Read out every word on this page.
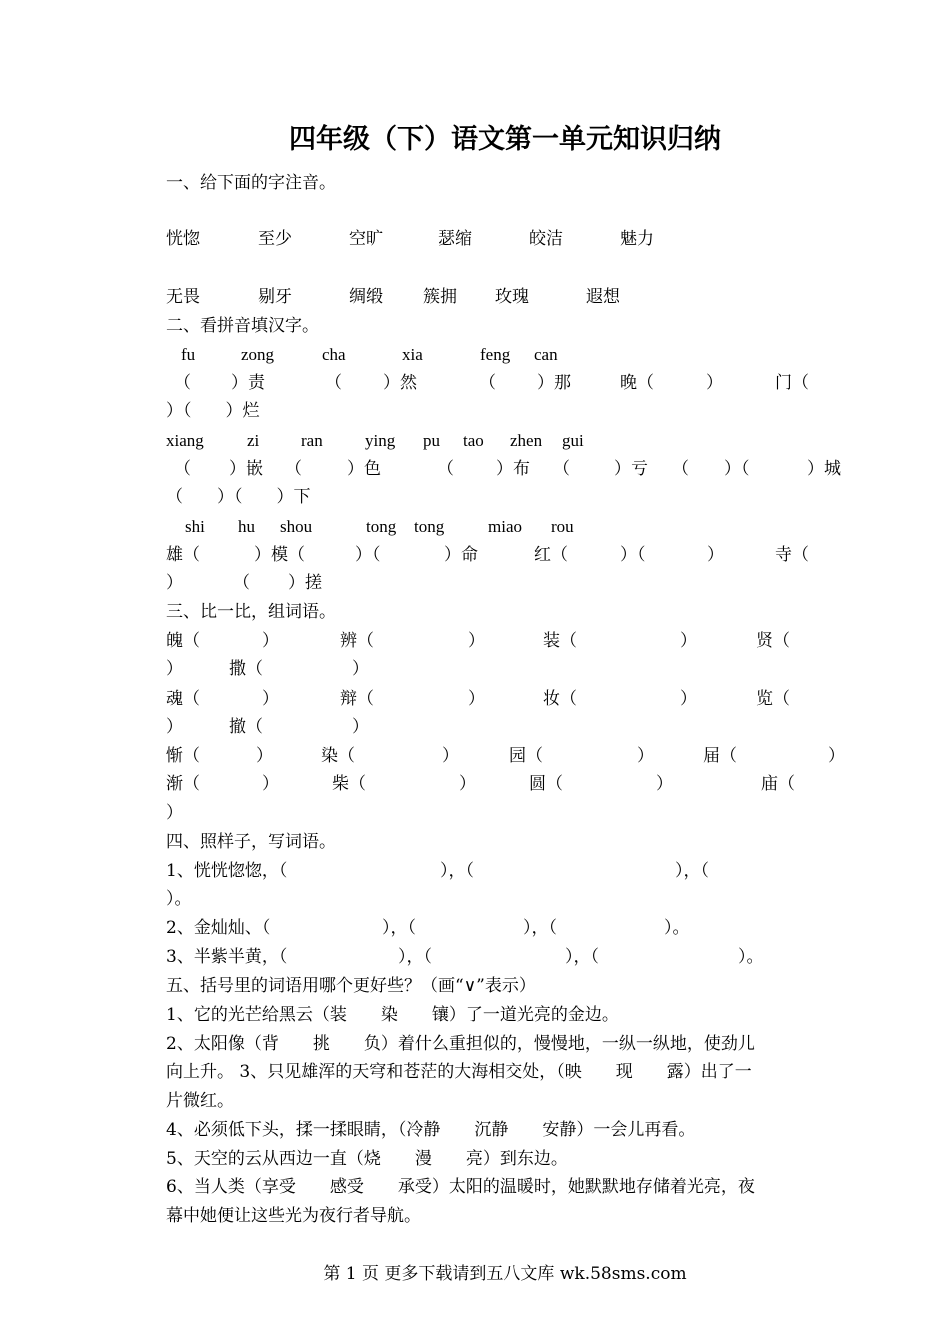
四年级（下）语文第一单元知识归纳
一、给下面的字注音。
恍惚	至少	空旷	瑟缩	皎洁	魅力
无畏	剔牙	绸缎 簇拥 玫瑰	遐想
二、看拼音填汉字。
fu	zong	cha	xia	feng can
（ ）责	（ ）然	（ ）那	晚（	）	门（
）（　　）烂
xiang	zi ran ying pu tao zhen gui
（ ）嵌 （	）色	（ ）布 （	）亏 （ ）（	）城
（　　）（　　）下
shi hu shou	tong tong	miao rou
雄（	）模（	）（	）命	红（	）（	）	寺（
）	（ ）搓
三、比一比，组词语。
魄（	）	辨（	）	装（	）	贤（
）	撒（	）
魂（	）	辩（	）	妆（	）	览（
）	撤（	）
惭（	）	染（	）	园（	）	届（	）
渐（	）	柴（	）	圆（	）	庙（
）
四、照样子，写词语。
1、恍恍惚惚，（	），（	），（
）。
2、金灿灿、（	），（	），（	）。
3、半紫半黄，（	），（	），（	）。
五、括号里的词语用哪个更好些？（画“∨”表示）
1、它的光芒给黑云（装　　染　　镶）了一道光亮的金边。
2、太阳像（背　　挑　　负）着什么重担似的，慢慢地，一纵一纵地，使劲儿
向上升。 3、只见雄浑的天穹和苍茫的大海相交处，（映　　现　　露）出了一
片微红。
4、必须低下头，揉一揉眼睛，（冷静　　沉静　　安静）一会儿再看。
5、天空的云从西边一直（烧　　漫　　亮）到东边。
6、当人类（享受　　感受　　承受）太阳的温暖时，她默默地存储着光亮，夜
幕中她便让这些光为夜行者导航。
第 1 页 更多下载请到五八文库 wk.58sms.com
